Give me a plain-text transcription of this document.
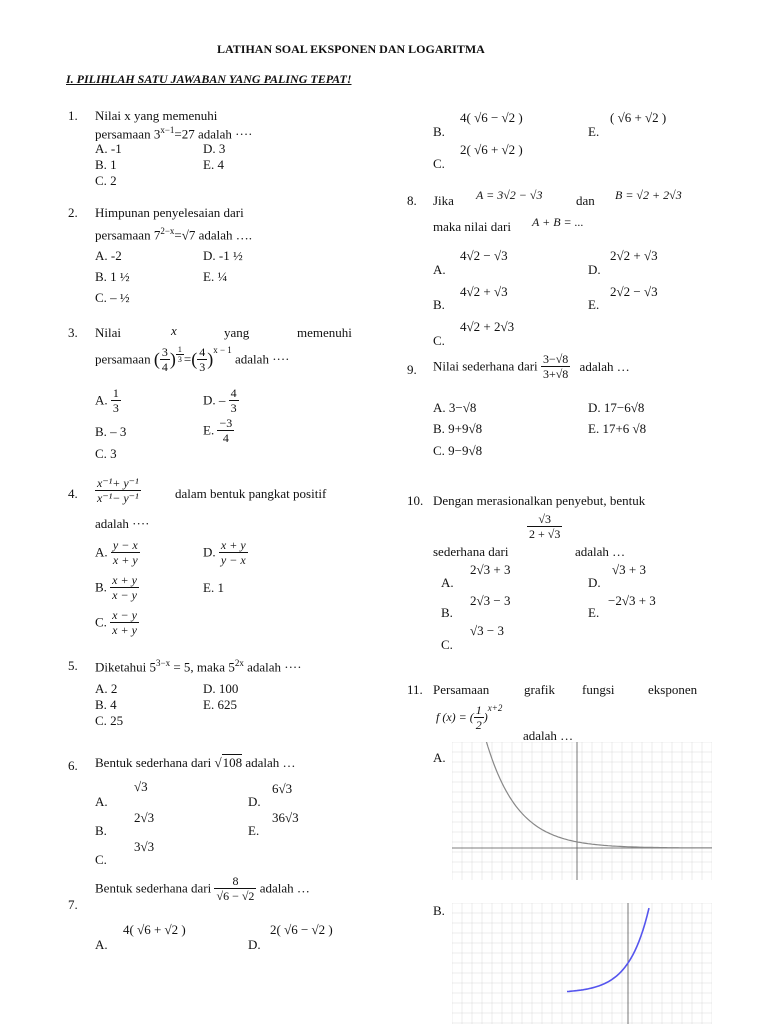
LATIHAN SOAL EKSPONEN DAN LOGARITMA
I. PILIHLAH SATU JAWABAN YANG PALING TEPAT!
1. Nilai x yang memenuhi
persamaan $3^{x-1}=27$ adalah ····
A. -1	D. 3
B. 1	E. 4
C. 2
2. Himpunan penyelesaian dari
persamaan $7^{2-x}=√7$ adalah ….
A. -2	D. -1 ½
B. 1 ½	E. ¼
C. – ½
3. Nilai	x	yang	memenuhi
persamaan ( $\frac{3}{4}$ ) $^{\frac{1}{3}}$ =( $\frac{4}{3} )^{x - 1}$ adalah ····
A. $\frac{1}{3}$	D. – $\frac{4}{3}$
B. – 3	E. $\frac{-3}{4}$
C. 3
4. $\frac{\text{x⁻¹+ y⁻¹}}{\text{x⁻¹− y⁻¹}}$	dalam bentuk pangkat positif
adalah ····
A. $\frac{y - x}{x + y}$	D. $\frac{x + y}{y - x}$
B. $\frac{x + y}{x - y}$	E. 1
C. $\frac{x - y}{x + y}$
5. Diketahui $5^{3-x} = 5$, maka $5^{2x}$ adalah ····
A. 2	D. 100
B. 4	E. 625
C. 25
6. Bentuk sederhana dari √108 adalah …
A.
√3
D.
6√3
B.
2√3
E.
36√3
C.
3√3
7.
Bentuk sederhana dari $\frac{8}{√6 - √2}$ adalah …
A.
4( √6 + √2 )
D.
2( √6 − √2 )
B.
4( √6 − √2 )
E.
( √6 + √2 )
C.
2( √6 + √2 )
8. Jika A = 3√2 − √3	dan B = √2 + 2√3
maka nilai dari A + B = ...
A.
4√2 − √3
D.
2√2 + √3
B.
4√2 + √3
E.
2√2 − √3
C.
4√2 + 2√3
9. Nilai sederhana dari $\frac{3-√8}{3+√8}$ adalah …
A. 3−√8	D. 17−6√8
B. 9+9√8	E. 17+6 √8
C. 9−9√8
10. Dengan merasionalkan penyebut, bentuk
$\frac{√3}{2 + √3}$
sederhana dari	adalah …
A.
2√3 + 3
D.
√3 + 3
B.
2√3 − 3
E.
−2√3 + 3
C.
√3 − 3
11. Persamaan	grafik fungsi	eksponen
f (x) = ( $\frac{1}{2} )^{x+2}$
adalah …
A.
B.
